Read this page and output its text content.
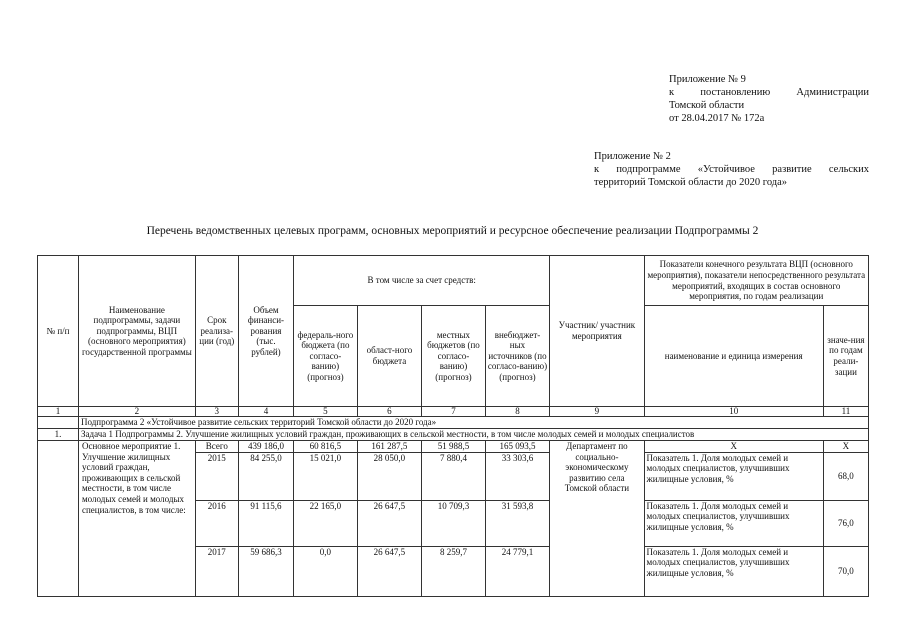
Приложение № 9
к постановлению Администрации
Томской области
от 28.04.2017 № 172а
Приложение № 2
к подпрограмме «Устойчивое развитие сельских
территорий Томской области до 2020 года»
Перечень ведомственных целевых программ, основных мероприятий и ресурсное обеспечение реализации Подпрограммы 2
№ п/п	Наименование подпрограммы, задачи подпрограммы, ВЦП (основного мероприятия) государственной программы	Срок реализа-ции (год)	Объем финанси-рования (тыс. рублей)	В том числе за счет средств:				Участник/ участник мероприятия	Показатели конечного результата ВЦП (основного мероприятия), показатели непосредственного результата мероприятий, входящих в состав основного мероприятия, по годам реализации	
				федераль-ного бюджета (по согласо-ванию) (прогноз)	област-ного бюджета	местных бюджетов (по согласо-ванию) (прогноз)	внебюджет-ных источников (по согласо-ванию) (прогноз)		наименование и единица измерения	значе-ния по годам реали-зации
1	2	3	4	5	6	7	8	9	10	11
	Подпрограмма 2 «Устойчивое развитие сельских территорий Томской области до 2020 года»									
1.	Задача 1 Подпрограммы 2. Улучшение жилищных условий граждан, проживающих в сельской местности, в том числе молодых семей и молодых специалистов									

	Основное мероприятие 1. Улучшение жилищных условий граждан, проживающих в сельской местности, в том числе молодых семей и молодых специалистов, в том числе:	Всего	439 186,0	60 816,5	161 287,5	51 988,5	165 093,5	Департамент по социально-экономическому развитию села Томской области	Х	Х
		2015	84 255,0	15 021,0	28 050,0	7 880,4	33 303,6		Показатель 1. Доля молодых семей и молодых специалистов, улучшивших жилищные условия, %	68,0
		2016	91 115,6	22 165,0	26 647,5	10 709,3	31 593,8		Показатель 1. Доля молодых семей и молодых специалистов, улучшивших жилищные условия, %	76,0
		2017	59 686,3	0,0	26 647,5	8 259,7	24 779,1		Показатель 1. Доля молодых семей и молодых специалистов, улучшивших жилищные условия, %	70,0
